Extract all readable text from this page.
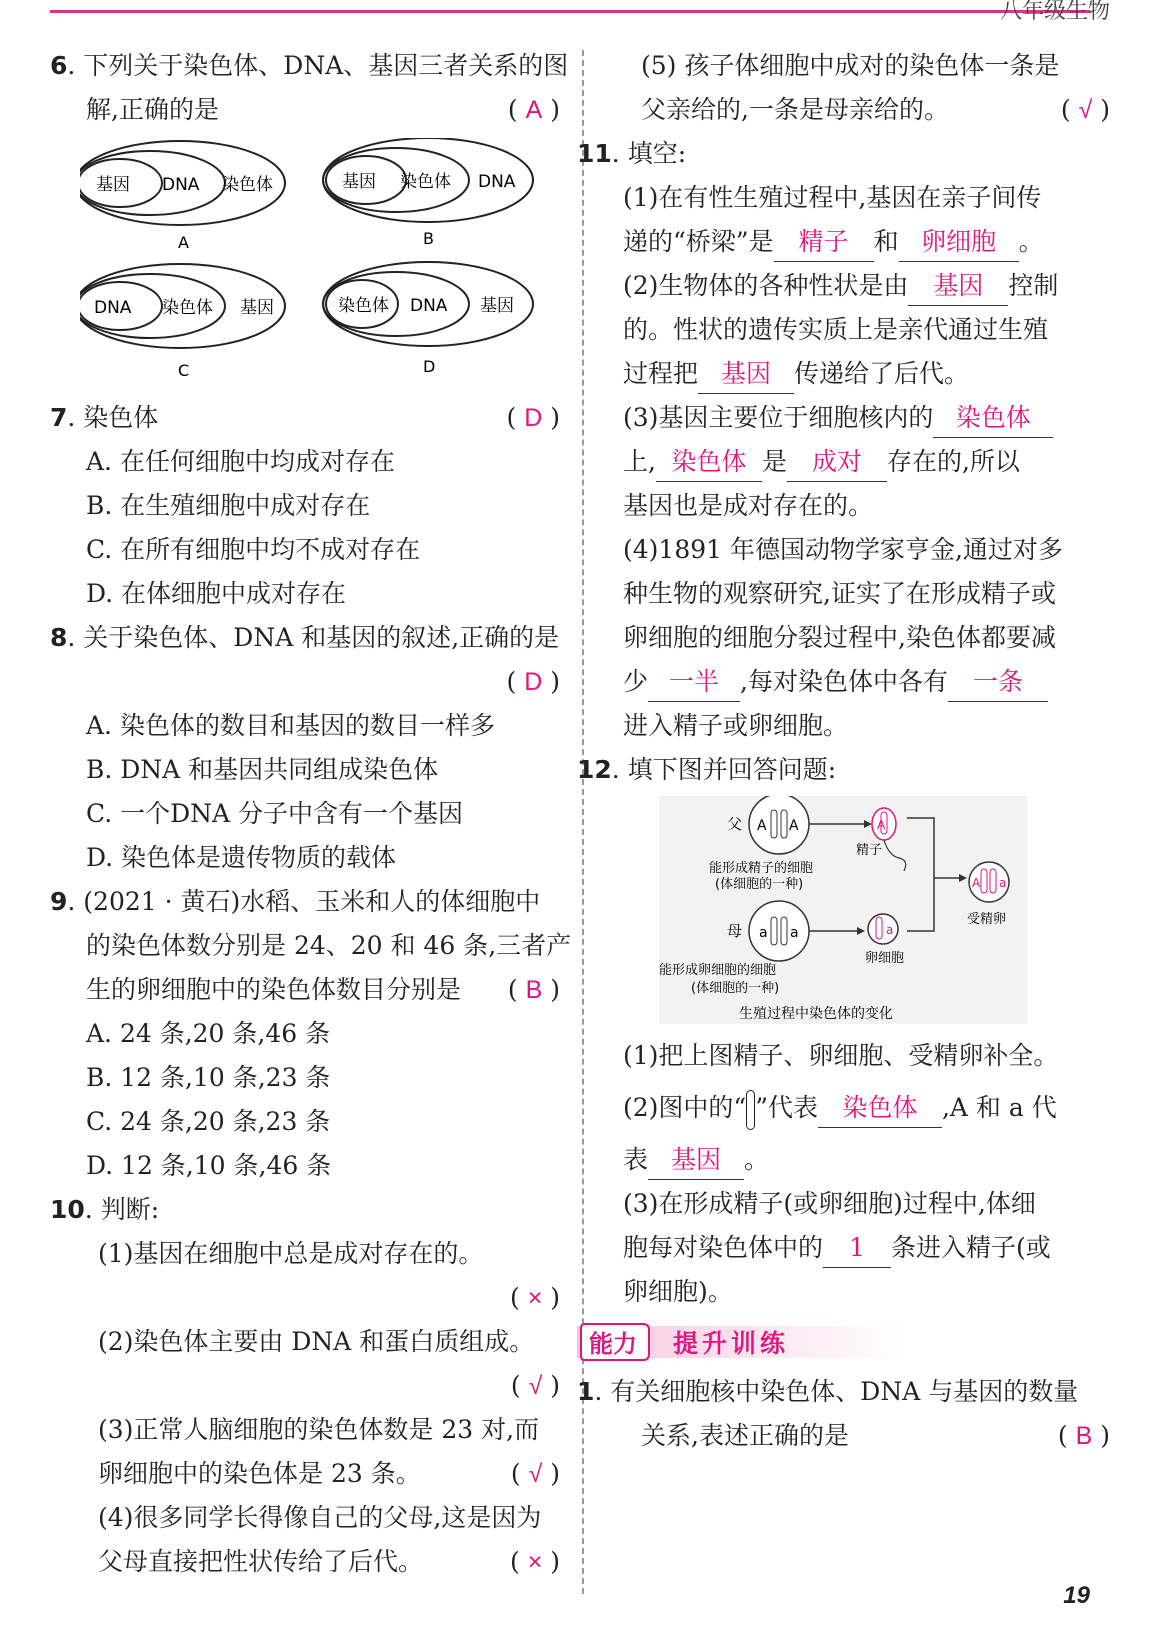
八年级生物
6. 下列关于染色体、DNA、基因三者关系的图
解,正确的是	( A )
基因 DNA 染色体
A
基因 染色体 DNA
B
DNA 染色体 基因
C
染色体 DNA 基因
D
7. 染色体	( D )
A. 在任何细胞中均成对存在
B. 在生殖细胞中成对存在
C. 在所有细胞中均不成对存在
D. 在体细胞中成对存在
8. 关于染色体、DNA 和基因的叙述,正确的是

( D )
A. 染色体的数目和基因的数目一样多
B. DNA 和基因共同组成染色体
C. 一个DNA 分子中含有一个基因
D. 染色体是遗传物质的载体
9. (2021 · 黄石)水稻、玉米和人的体细胞中
的染色体数分别是 24、20 和 46 条,三者产
生的卵细胞中的染色体数目分别是 ( B )
A. 24 条,20 条,46 条
B. 12 条,10 条,23 条
C. 24 条,20 条,23 条
D. 12 条,10 条,46 条
10. 判断:
(1)基因在细胞中总是成对存在的。

( × )
(2)染色体主要由 DNA 和蛋白质组成。

( √ )
(3)正常人脑细胞的染色体数是 23 对,而
卵细胞中的染色体是 23 条。	( √ )
(4)很多同学长得像自己的父母,这是因为
父母直接把性状传给了后代。	( × )
(5) 孩子体细胞中成对的染色体一条是
父亲给的,一条是母亲给的。	( √ )
11. 填空:
(1)在有性生殖过程中,基因在亲子间传
递的“桥梁”是 精子 和 卵细胞 。
(2)生物体的各种性状是由 基因 控制
的。性状的遗传实质上是亲代通过生殖
过程把 基因 传递给了后代。
(3)基因主要位于细胞核内的 染色体
上, 染色体 是 成对 存在的,所以
基因也是成对存在的。
(4)1891 年德国动物学家亨金,通过对多
种生物的观察研究,证实了在形成精子或
卵细胞的细胞分裂过程中,染色体都要减
少 一半 ,每对染色体中各有 一条
进入精子或卵细胞。
12. 填下图并回答问题:
父 A A
能形成精子的细胞
(体细胞的一种)
A
精子
母 a a
能形成卵细胞的细胞
(体细胞的一种)
a
卵细胞
A a
受精卵
生殖过程中染色体的变化
(1)把上图精子、卵细胞、受精卵补全。
(2)图中的“ ”代表 染色体 ,A 和 a 代
表 基因 。
(3)在形成精子(或卵细胞)过程中,体细
胞每对染色体中的 1 条进入精子(或
卵细胞)。
能力 提升训练
1. 有关细胞核中染色体、DNA 与基因的数量
关系,表述正确的是	( B )
19
